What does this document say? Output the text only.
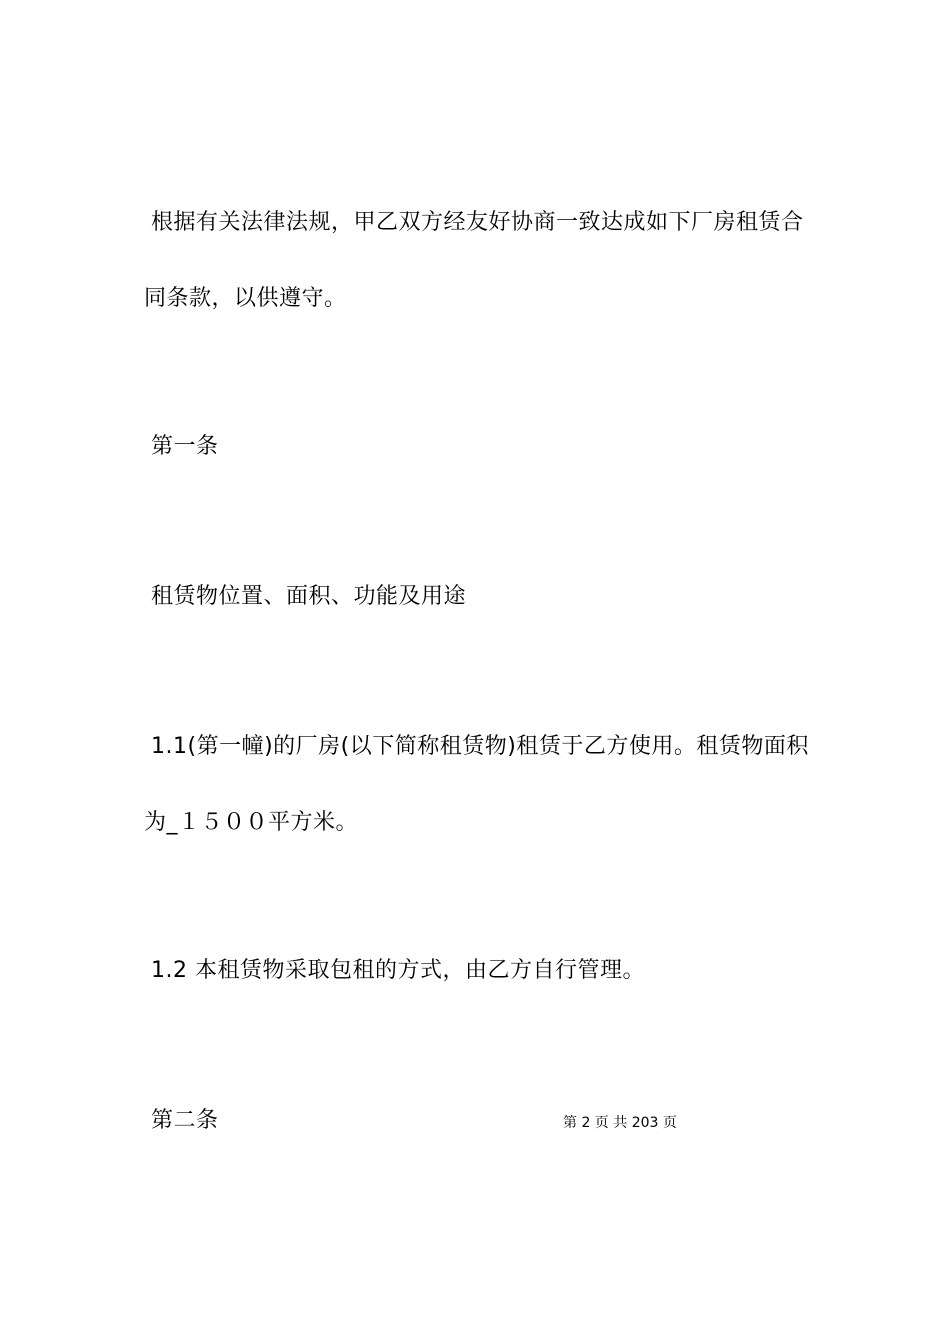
根据有关法律法规，甲乙双方经友好协商一致达成如下厂房租赁合
同条款，以供遵守。
第一条
租赁物位置、面积、功能及用途
1.1(第一幢)的厂房(以下简称租赁物)租赁于乙方使用。租赁物面积
为_１５００平方米。
1.2 本租赁物采取包租的方式，由乙方自行管理。
第二条	第 2 页 共 203 页
